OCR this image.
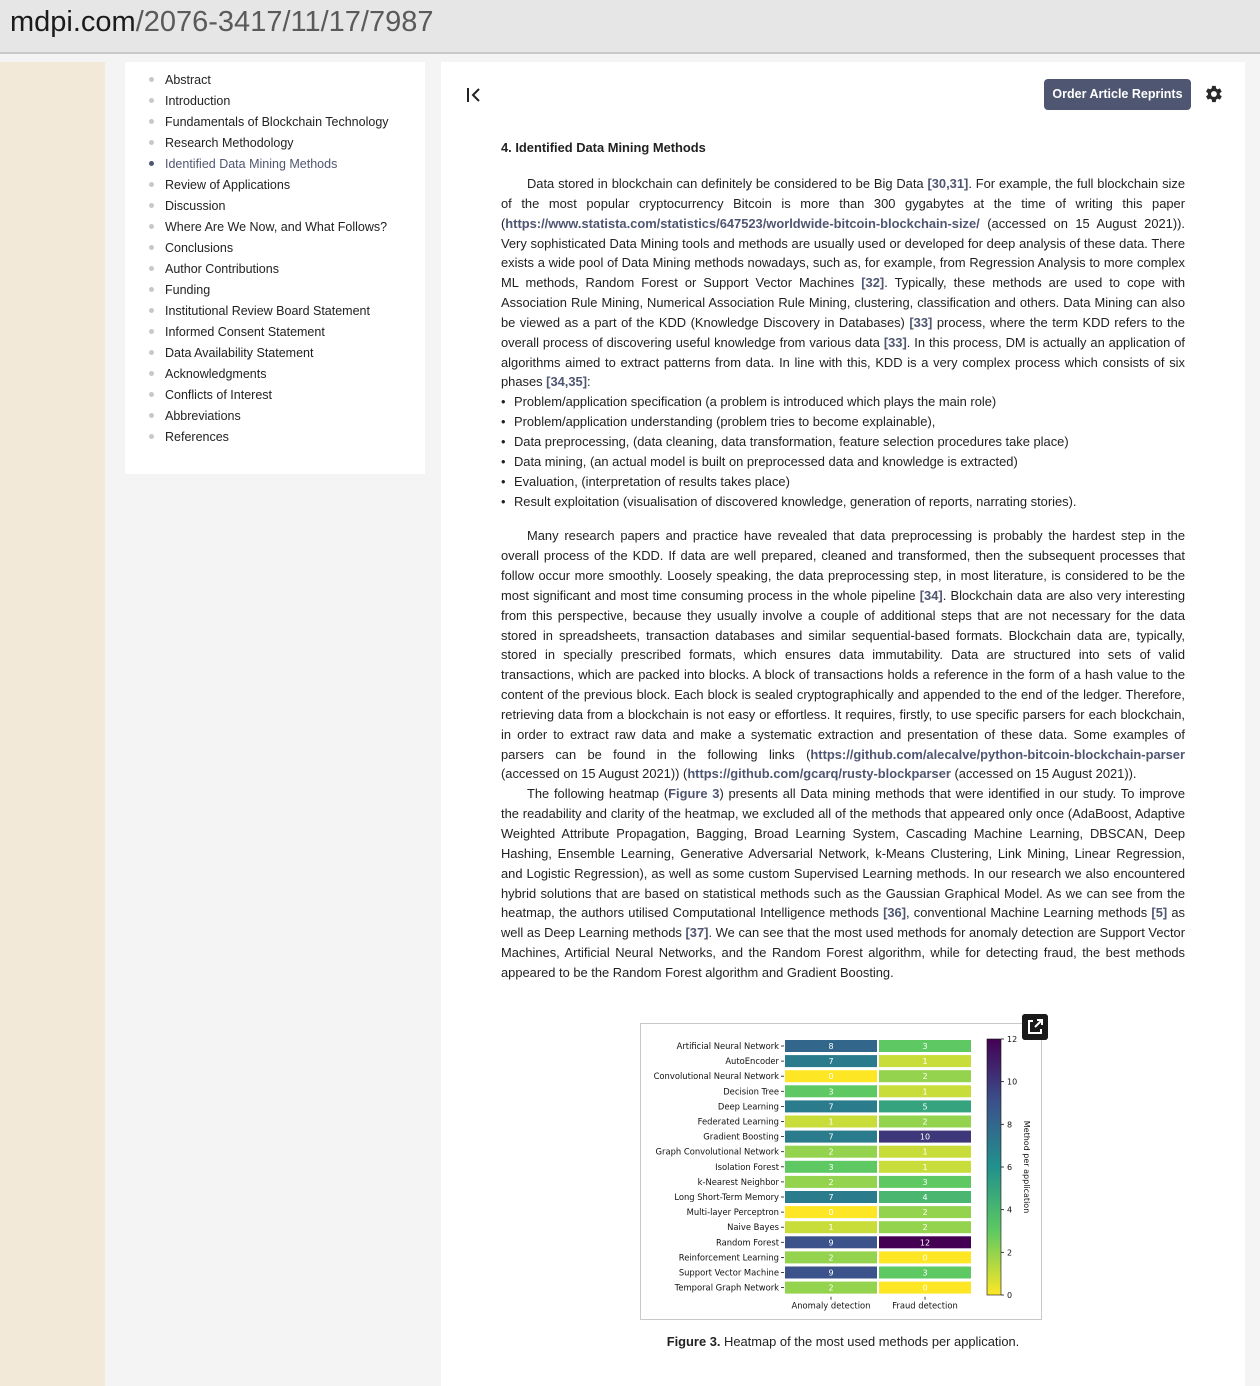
mdpi.com/2076-3417/11/17/7987
Abstract
Introduction
Fundamentals of Blockchain Technology
Research Methodology
Identified Data Mining Methods
Review of Applications
Discussion
Where Are We Now, and What Follows?
Conclusions
Author Contributions
Funding
Institutional Review Board Statement
Informed Consent Statement
Data Availability Statement
Acknowledgments
Conflicts of Interest
Abbreviations
References
Order Article Reprints
4. Identified Data Mining Methods

Data stored in blockchain can definitely be considered to be Big Data [30,31]. For example, the full blockchain size of the most popular cryptocurrency Bitcoin is more than 300 gygabytes at the time of writing this paper (https://www.statista.com/statistics/647523/worldwide-bitcoin-blockchain-size/ (accessed on 15 August 2021)). Very sophisticated Data Mining tools and methods are usually used or developed for deep analysis of these data. There exists a wide pool of Data Mining methods nowadays, such as, for example, from Regression Analysis to more complex ML methods, Random Forest or Support Vector Machines [32]. Typically, these methods are used to cope with Association Rule Mining, Numerical Association Rule Mining, clustering, classification and others. Data Mining can also be viewed as a part of the KDD (Knowledge Discovery in Databases) [33] process, where the term KDD refers to the overall process of discovering useful knowledge from various data [33]. In this process, DM is actually an application of algorithms aimed to extract patterns from data. In line with this, KDD is a very complex process which consists of six phases [34,35]:

• Problem/application specification (a problem is introduced which plays the main role)
• Problem/application understanding (problem tries to become explainable),
• Data preprocessing, (data cleaning, data transformation, feature selection procedures take place)
• Data mining, (an actual model is built on preprocessed data and knowledge is extracted)
• Evaluation, (interpretation of results takes place)
• Result exploitation (visualisation of discovered knowledge, generation of reports, narrating stories).

Many research papers and practice have revealed that data preprocessing is probably the hardest step in the overall process of the KDD. If data are well prepared, cleaned and transformed, then the subsequent processes that follow occur more smoothly. Loosely speaking, the data preprocessing step, in most literature, is considered to be the most significant and most time consuming process in the whole pipeline [34]. Blockchain data are also very interesting from this perspective, because they usually involve a couple of additional steps that are not necessary for the data stored in spreadsheets, transaction databases and similar sequential-based formats. Blockchain data are, typically, stored in specially prescribed formats, which ensures data immutability. Data are structured into sets of valid transactions, which are packed into blocks. A block of transactions holds a reference in the form of a hash value to the content of the previous block. Each block is sealed cryptographically and appended to the end of the ledger. Therefore, retrieving data from a blockchain is not easy or effortless. It requires, firstly, to use specific parsers for each blockchain, in order to extract raw data and make a systematic extraction and presentation of these data. Some examples of parsers can be found in the following links (https://github.com/alecalve/python-bitcoin-blockchain-parser (accessed on 15 August 2021)) (https://github.com/gcarq/rusty-blockparser (accessed on 15 August 2021)).

The following heatmap (Figure 3) presents all Data mining methods that were identified in our study. To improve the readability and clarity of the heatmap, we excluded all of the methods that appeared only once (AdaBoost, Adaptive Weighted Attribute Propagation, Bagging, Broad Learning System, Cascading Machine Learning, DBSCAN, Deep Hashing, Ensemble Learning, Generative Adversarial Network, k-Means Clustering, Link Mining, Linear Regression, and Logistic Regression), as well as some custom Supervised Learning methods. In our research we also encountered hybrid solutions that are based on statistical methods such as the Gaussian Graphical Model. As we can see from the heatmap, the authors utilised Computational Intelligence methods [36], conventional Machine Learning methods [5] as well as Deep Learning methods [37]. We can see that the most used methods for anomaly detection are Support Vector Machines, Artificial Neural Networks, and the Random Forest algorithm, while for detecting fraud, the best methods appeared to be the Random Forest algorithm and Gradient Boosting.

Artificial Neural Network	8	3
AutoEncoder	7	1
Convolutional Neural Network	0	2
Decision Tree	3	1
Deep Learning	7	5
Federated Learning	1	2
Gradient Boosting	7	10
Graph Convolutional Network	2	1
Isolation Forest	3	1
k-Nearest Neighbor	2	3
Long Short-Term Memory	7	4
Multi-layer Perceptron	0	2
Naive Bayes	1	2
Random Forest	9	12
Reinforcement Learning	2	0
Support Vector Machine	9	3
Temporal Graph Network	2	0
Anomaly detection	Fraud detection
0
2
4
6
8
10
12
Method per application
Figure 3. Heatmap of the most used methods per application.
